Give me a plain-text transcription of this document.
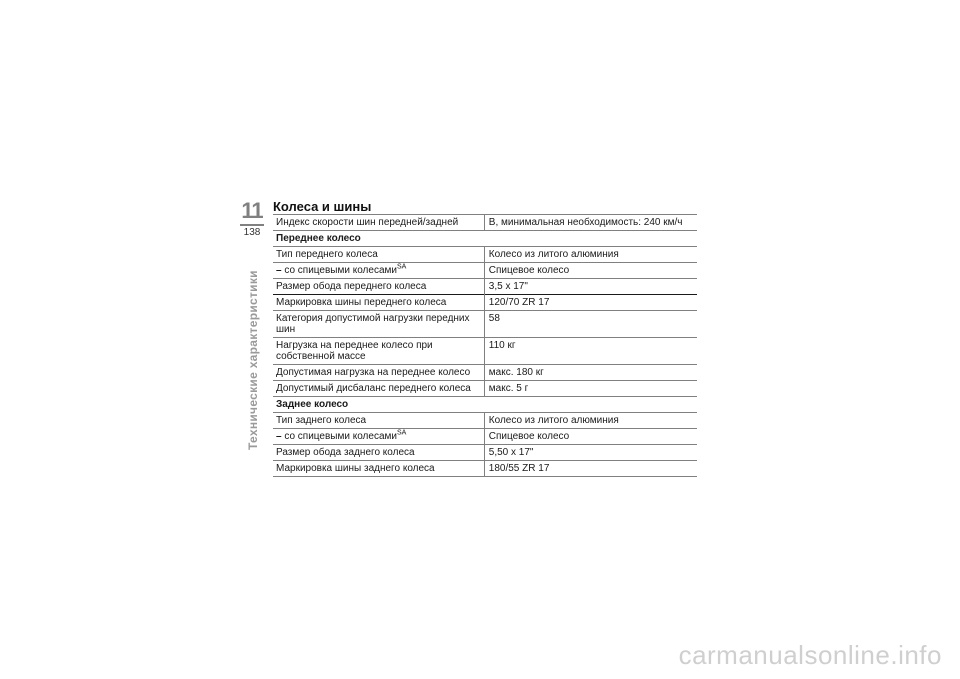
11
138
Технические характеристики
Колеса и шины
Индекс скорости шин передней/задней	В, минимальная необходимость: 240 км/ч
Переднее колесо	
Тип переднего колеса	Колесо из литого алюминия
– со спицевыми колесами$^{SA}$	Спицевое колесо
Размер обода переднего колеса	3,5 x 17"
Маркировка шины переднего колеса	120/70 ZR 17
Категория допустимой нагрузки передних шин	58
Нагрузка на переднее колесо при собственной массе	110 кг
Допустимая нагрузка на переднее колесо	макс. 180 кг
Допустимый дисбаланс переднего колеса	макс. 5 г
Заднее колесо	
Тип заднего колеса	Колесо из литого алюминия
– со спицевыми колесами$^{SA}$	Спицевое колесо
Размер обода заднего колеса	5,50 x 17"
Маркировка шины заднего колеса	180/55 ZR 17
carmanualsonline.info
